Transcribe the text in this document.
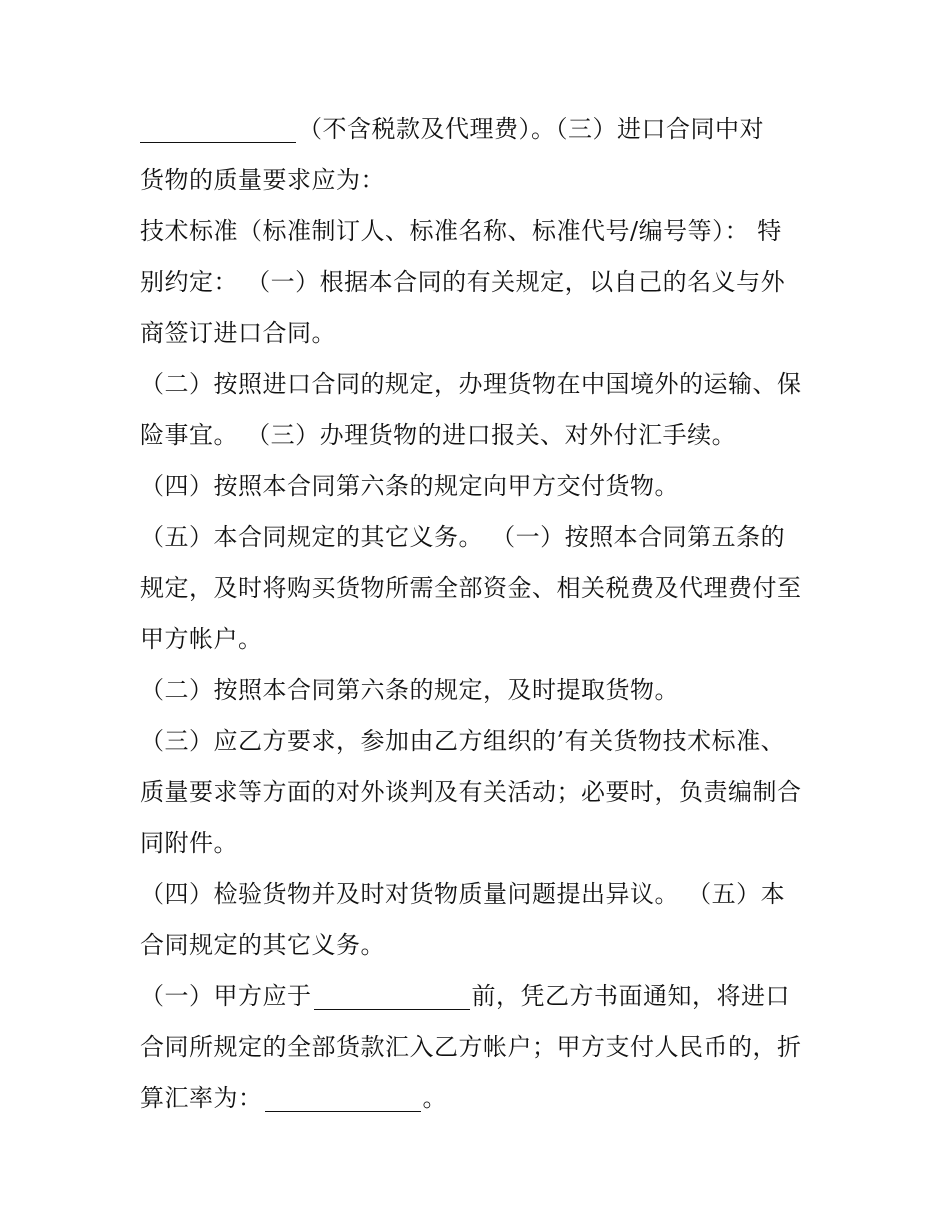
（不含税款及代理费）。（三）进口合同中对
货物的质量要求应为：
技术标准（标准制订人、标准名称、标准代号/编号等）： 特
别约定： （一）根据本合同的有关规定，以自己的名义与外
商签订进口合同。
（二）按照进口合同的规定，办理货物在中国境外的运输、保
险事宜。 （三）办理货物的进口报关、对外付汇手续。
（四）按照本合同第六条的规定向甲方交付货物。
（五）本合同规定的其它义务。 （一）按照本合同第五条的
规定，及时将购买货物所需全部资金、相关税费及代理费付至
甲方帐户。
（二）按照本合同第六条的规定，及时提取货物。
（三）应乙方要求，参加由乙方组织的’有关货物技术标准、
质量要求等方面的对外谈判及有关活动；必要时，负责编制合
同附件。
（四）检验货物并及时对货物质量问题提出异议。 （五）本
合同规定的其它义务。
（一）甲方应于	前，凭乙方书面通知，将进口
合同所规定的全部货款汇入乙方帐户；甲方支付人民币的，折
算汇率为：	。
